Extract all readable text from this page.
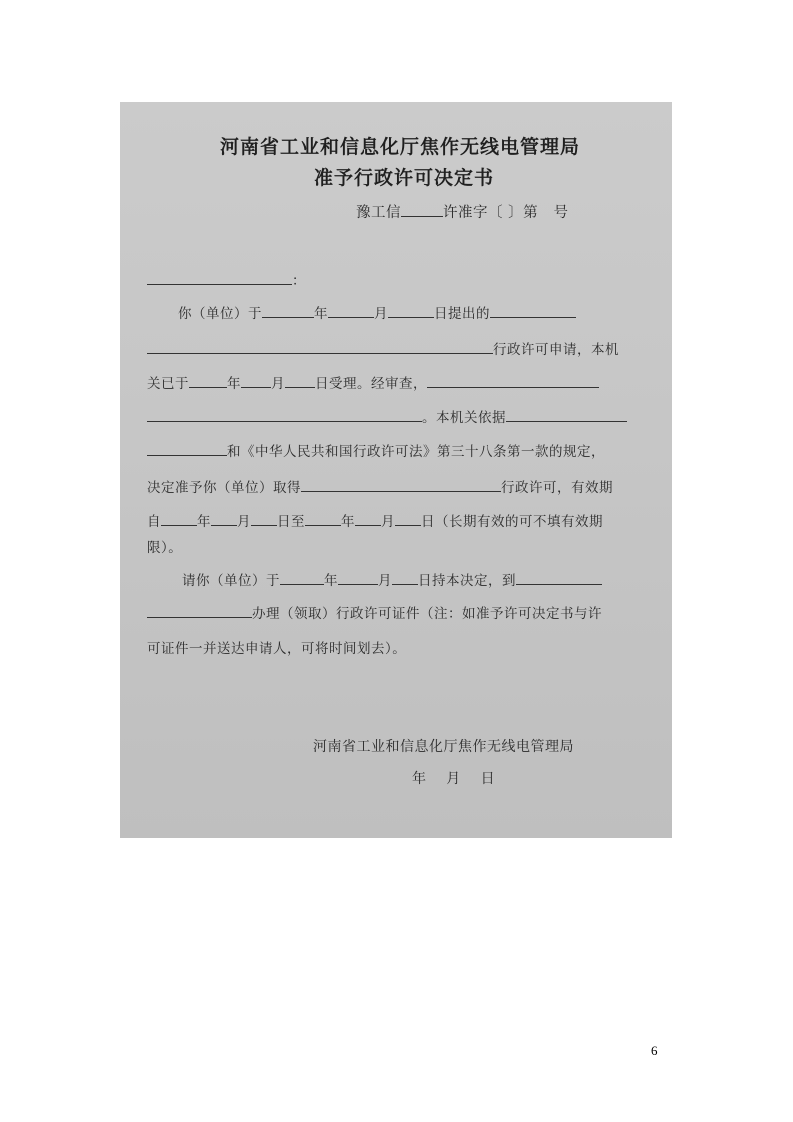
河南省工业和信息化厅焦作无线电管理局
准予行政许可决定书
豫工信	许准字〔 〕第 号
：
你（单位）于	年	月	日提出的
行政许可申请，本机
关已于	年 月 日受理。经审查，
。本机关依据
和《中华人民共和国行政许可法》第三十八条第一款的规定，
决定准予你（单位）取得	行政许可，有效期
自	年 月 日至	年 月 日（长期有效的可不填有效期
限）。
请你（单位）于	年	月 日持本决定，到
办理（领取）行政许可证件（注：如准予许可决定书与许
可证件一并送达申请人，可将时间划去）。
河南省工业和信息化厅焦作无线电管理局
年    月    日
6
